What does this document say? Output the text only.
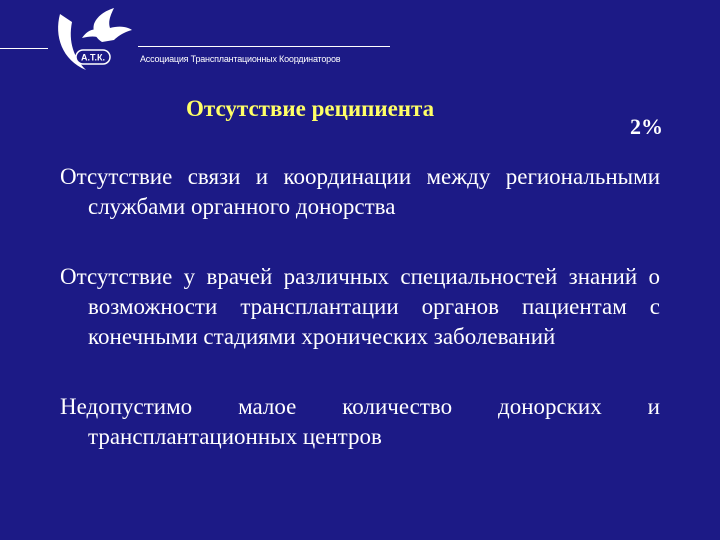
А.Т.К.	Ассоциация Трансплантационных Координаторов
Отсутствие реципиента
2%

Отсутствие связи и координации между региональными службами органного донорства

Отсутствие у врачей различных специальностей знаний о возможности трансплантации органов пациентам с конечными стадиями хронических заболеваний

Недопустимо малое количество донорских и трансплантационных центров
